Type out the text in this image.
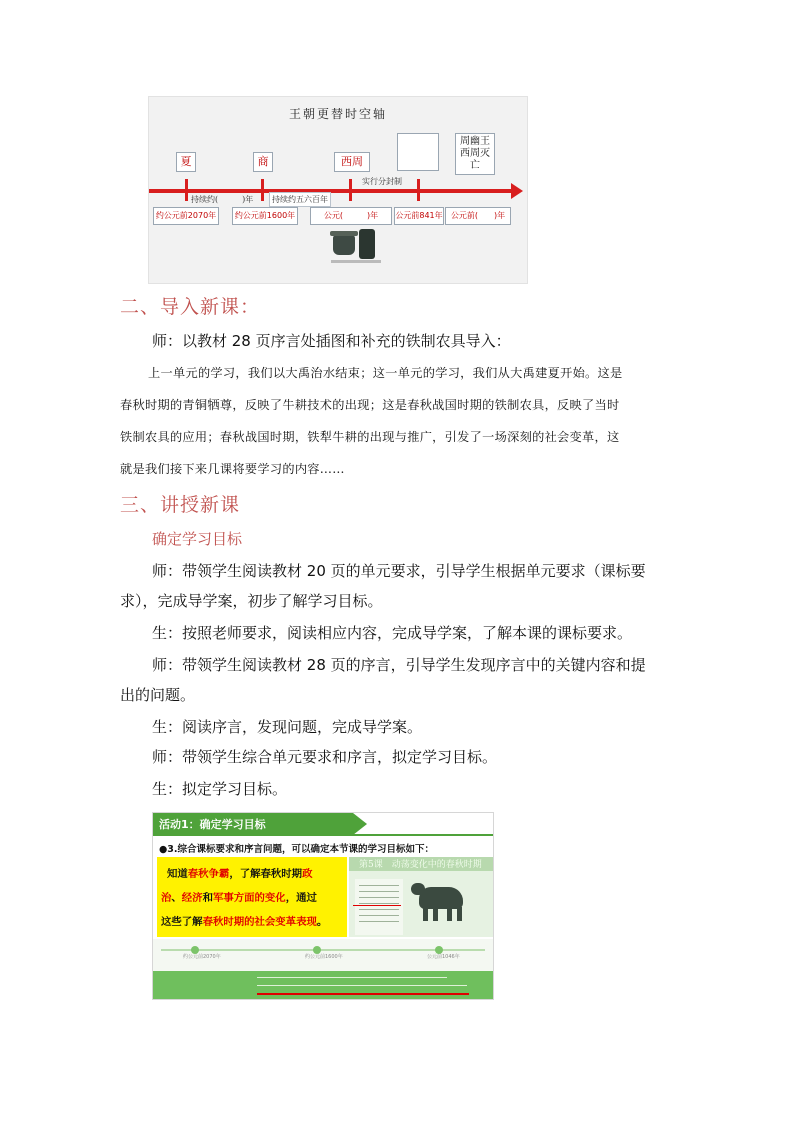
王朝更替时空轴
夏	商	西周
周幽王西周灭亡
持续约(　　　)年	持续约五六百年
实行分封制
约公元前2070年	约公元前1600年	公元(　　　)年	公元前841年	公元前(　　)年
二、导入新课：
师：以教材 28 页序言处插图和补充的铁制农具导入：
上一单元的学习，我们以大禹治水结束；这一单元的学习，我们从大禹建夏开始。这是
春秋时期的青铜牺尊，反映了牛耕技术的出现；这是春秋战国时期的铁制农具，反映了当时
铁制农具的应用；春秋战国时期，铁犁牛耕的出现与推广，引发了一场深刻的社会变革，这
就是我们接下来几课将要学习的内容……
三、讲授新课
确定学习目标
师：带领学生阅读教材 20 页的单元要求，引导学生根据单元要求（课标要
求），完成导学案，初步了解学习目标。
生：按照老师要求，阅读相应内容，完成导学案，了解本课的课标要求。
师：带领学生阅读教材 28 页的序言，引导学生发现序言中的关键内容和提
出的问题。
生：阅读序言，发现问题，完成导学案。
师：带领学生综合单元要求和序言，拟定学习目标。
生：拟定学习目标。
活动1：确定学习目标
●3.综合课标要求和序言问题，可以确定本节课的学习目标如下：
知道春秋争霸，了解春秋时期政
治、经济和军事方面的变化，通过
这些了解春秋时期的社会变革表现。
第5课　动荡变化中的春秋时期
约公元前2070年	约公元前1600年	公元前1046年
